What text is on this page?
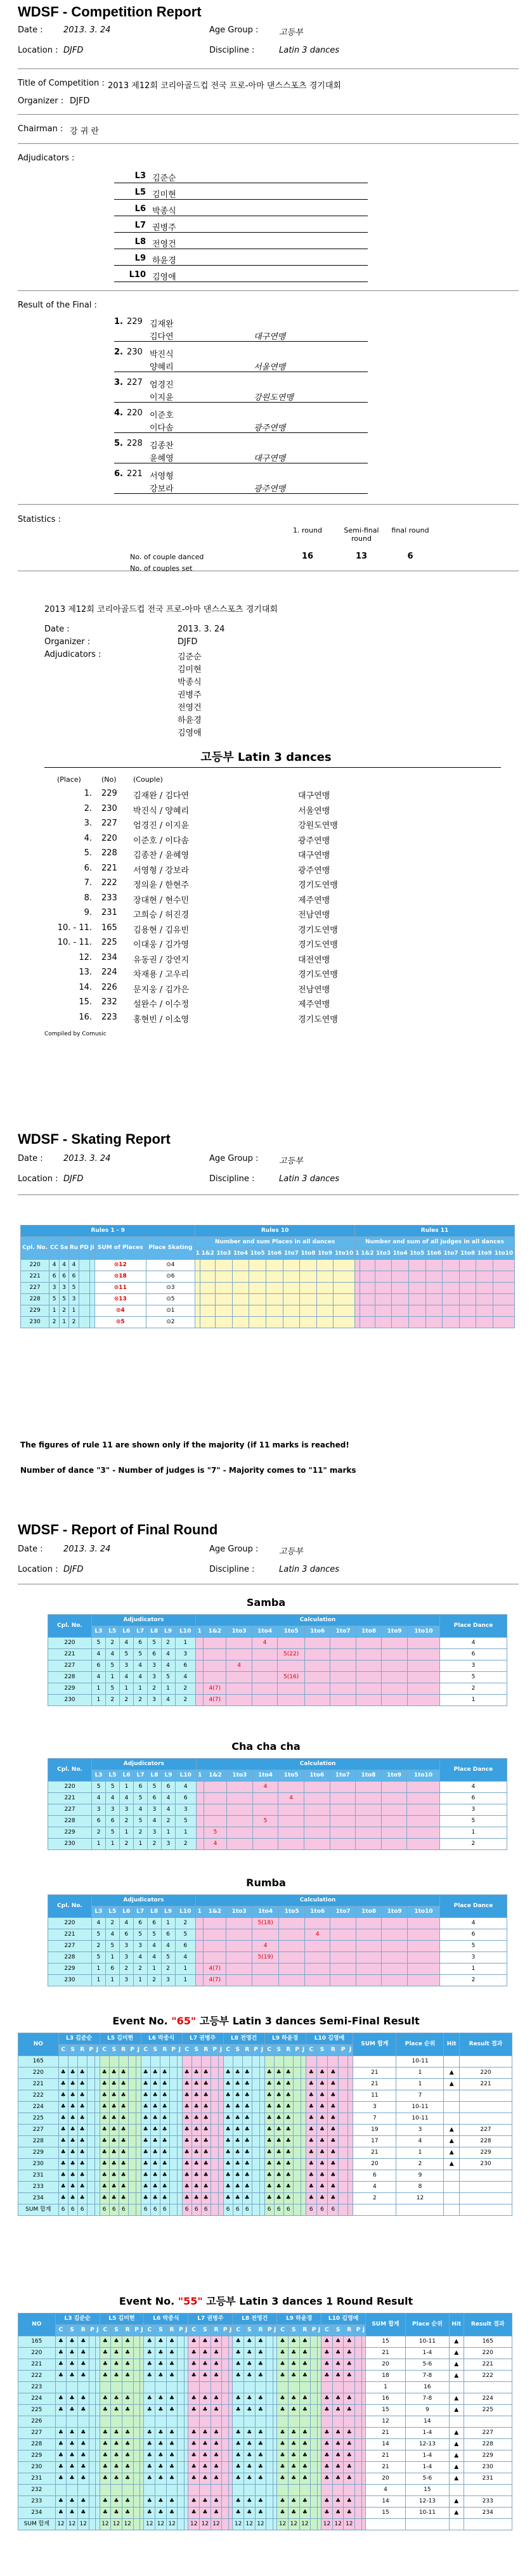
WDSF - Competition Report
Date : 2013. 3. 24	Age Group :	고등부
Location : DJFD	Discipline :	Latin 3 dances
Title of Competition : 2013 제12회 코리아골드컵 전국 프로-아마 댄스스포츠 경기대회
Organizer : DJFD
Chairman : 강 귀 란
Adjudicators :
L3 김준순
L5 김미현
L6 박종식
L7 권병주
L8 전영건
L9 하윤경
L10 김영애
Result of the Final :
1. 229 김재완
김다연	대구연맹
2. 230 박진식
양혜리	서울연맹
3. 227 엄경진
이지윤	강원도연맹
4. 220 이준호
이다솜	광주연맹
5. 228 김종찬
윤혜영	대구연맹
6. 221 서영형
강보라	광주연맹
Statistics :
1. round	Semi-final round
final round
No. of couple danced	16	13	6
No. of couples set
2013 제12회 코리아골드컵 전국 프로-아마 댄스스포츠 경기대회
Date :	2013. 3. 24
Organizer :	DJFD
Adjudicators :	김준순
김미현
박종식
권병주
전영건
하윤경
김영애
고등부 Latin 3 dances
(Place)	(No) (Couple)
1. 229 김재완 / 김다연	대구연맹
2. 230 박진식 / 양혜리	서울연맹
3. 227 엄경진 / 이지윤	강원도연맹
4. 220 이준호 / 이다솜	광주연맹
5. 228 김종찬 / 윤혜영	대구연맹
6. 221 서영형 / 강보라	광주연맹
7. 222 정의윤 / 한현주	경기도연맹
8. 233 장대현 / 현수민	제주연맹
9. 231 고희승 / 허진경	전남연맹
10. - 11. 165 김용현 / 김유빈	경기도연맹
10. - 11. 225 이대웅 / 김가영	경기도연맹
12. 234 유동권 / 강연지	대전연맹
13. 224 차재용 / 고우리	경기도연맹
14. 226 문지웅 / 김가은	전남연맹
15. 232 설완수 / 이수정	제주연맹
16. 223 홍현빈 / 이소영	경기도연맹
Compiled by Comusic
WDSF - Skating Report
Date : 2013. 3. 24	Age Group :	고등부
Location : DJFD	Discipline :	Latin 3 dances
Rules 1 - 9								Rules 10										Rules 11									
Cpl. No.	CC	Sa	Ru	PD	Ji	SUM of Places	Place Skating	Number and sum Places in all dances										Number and sum of all judges in all dances									
								1	1&2	1to3	1to4	1to5	1to6	1to7	1to8	1to9	1to10	1	1&2	1to3	1to4	1to5	1to6	1to7	1to8	1to9	1to10
220	4	4	4			⊙12	⊙4																				
221	6	6	6			⊙18	⊙6																				
227	3	3	5			⊙11	⊙3																				
228	5	5	3			⊙13	⊙5																				
229	1	2	1			⊙4	⊙1																				
230	2	1	2			⊙5	⊙2																				
The figures of rule 11 are shown only if the majority (if 11 marks is reached!
Number of dance "3" - Number of judges is "7" - Majority comes to "11" marks
WDSF - Report of Final Round
Date : 2013. 3. 24	Age Group :	고등부
Location : DJFD	Discipline :	Latin 3 dances
Samba
Cpl. No.	Adjudicators							Calculation										Place Dance
	L3	L5	L6	L7	L8	L9	L10	1	1&2	1to3	1to4	1to5	1to6	1to7	1to8	1to9	1to10	
220	5	2	4	6	5	2	1				4							4
221	4	4	5	5	6	4	3					5(22)						6
227	6	5	3	4	3	4	6			4								3
228	4	1	4	4	3	5	4					5(16)						5
229	1	5	1	1	2	1	2		4(7)									2
230	1	2	2	2	3	4	2		4(7)									1
Cha cha cha
Cpl. No.	Adjudicators							Calculation										Place Dance
	L3	L5	L6	L7	L8	L9	L10	1	1&2	1to3	1to4	1to5	1to6	1to7	1to8	1to9	1to10	
220	5	5	1	6	5	6	4				4							4
221	4	4	4	5	6	4	6					4						6
227	3	3	3	4	3	4	3											3
228	6	6	2	5	4	2	5				5							5
229	2	5	1	2	3	1	1		5									1
230	1	1	2	1	2	3	2		4									2
Rumba
Cpl. No.	Adjudicators							Calculation										Place Dance
	L3	L5	L6	L7	L8	L9	L10	1	1&2	1to3	1to4	1to5	1to6	1to7	1to8	1to9	1to10	
220	4	2	4	6	6	1	2				5(18)							4
221	5	4	6	5	5	6	5						4					6
227	2	5	3	3	4	4	6				4							5
228	5	1	3	4	4	5	4				5(19)							3
229	1	6	2	2	1	2	1		4(7)									1
230	1	1	3	1	2	3	1		4(7)									2
Event No. "65" 고등부 Latin 3 dances Semi-Final Result
NO	L3 김준순					L5 김미현					L6 박종식					L7 권병주					L8 전영건					L9 하윤경					L10 김영애					SUM 합계	Place 순위	Hit	Result 결과
	C	S	R	P	J	C	S	R	P	J	C	S	R	P	J	C	S	R	P	J	C	S	R	P	J	C	S	R	P	J	C	S	R	P	J				
165																																					10-11		
220	♣	♣	♣			♣	♣	♣			♣	♣	♣			♣	♣	♣			♣	♣	♣			♣	♣	♣			♣	♣	♣			21	1	▲	220
221	♣	♣	♣			♣	♣	♣			♣	♣	♣			♣	♣	♣			♣	♣	♣			♣	♣	♣			♣	♣	♣			21	1	▲	221
222	♣	♣	♣			♣	♣	♣			♣	♣	♣			♣	♣	♣			♣	♣	♣			♣	♣	♣			♣	♣	♣			11	7		
224	♣	♣	♣			♣	♣	♣			♣	♣	♣			♣	♣	♣			♣	♣	♣			♣	♣	♣			♣	♣	♣			3	10-11		
225	♣	♣	♣			♣	♣	♣			♣	♣	♣			♣	♣	♣			♣	♣	♣			♣	♣	♣			♣	♣	♣			7	10-11		
227	♣	♣	♣			♣	♣	♣			♣	♣	♣			♣	♣	♣			♣	♣	♣			♣	♣	♣			♣	♣	♣			19	3	▲	227
228	♣	♣	♣			♣	♣	♣			♣	♣	♣			♣	♣	♣			♣	♣	♣			♣	♣	♣			♣	♣	♣			17	4	▲	228
229	♣	♣	♣			♣	♣	♣			♣	♣	♣			♣	♣	♣			♣	♣	♣			♣	♣	♣			♣	♣	♣			21	1	▲	229
230	♣	♣	♣			♣	♣	♣			♣	♣	♣			♣	♣	♣			♣	♣	♣			♣	♣	♣			♣	♣	♣			20	2	▲	230
231	♣	♣	♣			♣	♣	♣			♣	♣	♣			♣	♣	♣			♣	♣	♣			♣	♣	♣			♣	♣	♣			6	9		
233	♣	♣	♣			♣	♣	♣			♣	♣	♣			♣	♣	♣			♣	♣	♣			♣	♣	♣			♣	♣	♣			4	8		
234	♣	♣	♣			♣	♣	♣			♣	♣	♣			♣	♣	♣			♣	♣	♣			♣	♣	♣			♣	♣	♣			2	12		
SUM 합계	6	6	6			6	6	6			6	6	6			6	6	6			6	6	6			6	6	6			6	6	6						
Event No. "55" 고등부 Latin 3 dances 1 Round Result
NO	L3 김준순					L5 김미현					L6 박종식					L7 권병주					L8 전영건					L9 하윤경					L10 김영애					SUM 합계	Place 순위	Hit	Result 결과
	C	S	R	P	J	C	S	R	P	J	C	S	R	P	J	C	S	R	P	J	C	S	R	P	J	C	S	R	P	J	C	S	R	P	J				
165	♣	♣	♣			♣	♣	♣			♣	♣	♣			♣	♣	♣			♣	♣	♣			♣	♣	♣			♣	♣	♣			15	10-11	▲	165
220	♣	♣	♣			♣	♣	♣			♣	♣	♣			♣	♣	♣			♣	♣	♣			♣	♣	♣			♣	♣	♣			21	1-4	▲	220
221	♣	♣	♣			♣	♣	♣			♣	♣	♣			♣	♣	♣			♣	♣	♣			♣	♣	♣			♣	♣	♣			20	5-6	▲	221
222	♣	♣	♣			♣	♣	♣			♣	♣	♣			♣	♣	♣			♣	♣	♣			♣	♣	♣			♣	♣	♣			18	7-8	▲	222
223																																				1	16		
224	♣	♣	♣			♣	♣	♣			♣	♣	♣			♣	♣	♣			♣	♣	♣			♣	♣	♣			♣	♣	♣			16	7-8	▲	224
225	♣	♣	♣			♣	♣	♣			♣	♣	♣			♣	♣	♣			♣	♣	♣			♣	♣	♣			♣	♣	♣			15	9	▲	225
226																																				12	14		
227	♣	♣	♣			♣	♣	♣			♣	♣	♣			♣	♣	♣			♣	♣	♣			♣	♣	♣			♣	♣	♣			21	1-4	▲	227
228	♣	♣	♣			♣	♣	♣			♣	♣	♣			♣	♣	♣			♣	♣	♣			♣	♣	♣			♣	♣	♣			14	12-13	▲	228
229	♣	♣	♣			♣	♣	♣			♣	♣	♣			♣	♣	♣			♣	♣	♣			♣	♣	♣			♣	♣	♣			21	1-4	▲	229
230	♣	♣	♣			♣	♣	♣			♣	♣	♣			♣	♣	♣			♣	♣	♣			♣	♣	♣			♣	♣	♣			21	1-4	▲	230
231	♣	♣	♣			♣	♣	♣			♣	♣	♣			♣	♣	♣			♣	♣	♣			♣	♣	♣			♣	♣	♣			20	5-6	▲	231
232																																				4	15		
233	♣	♣	♣			♣	♣	♣			♣	♣	♣			♣	♣	♣			♣	♣	♣			♣	♣	♣			♣	♣	♣			14	12-13	▲	233
234	♣	♣	♣			♣	♣	♣			♣	♣	♣			♣	♣	♣			♣	♣	♣			♣	♣	♣			♣	♣	♣			15	10-11	▲	234
SUM 합계	12	12	12			12	12	12			12	12	12			12	12	12			12	12	12			12	12	12			12	12	12						
